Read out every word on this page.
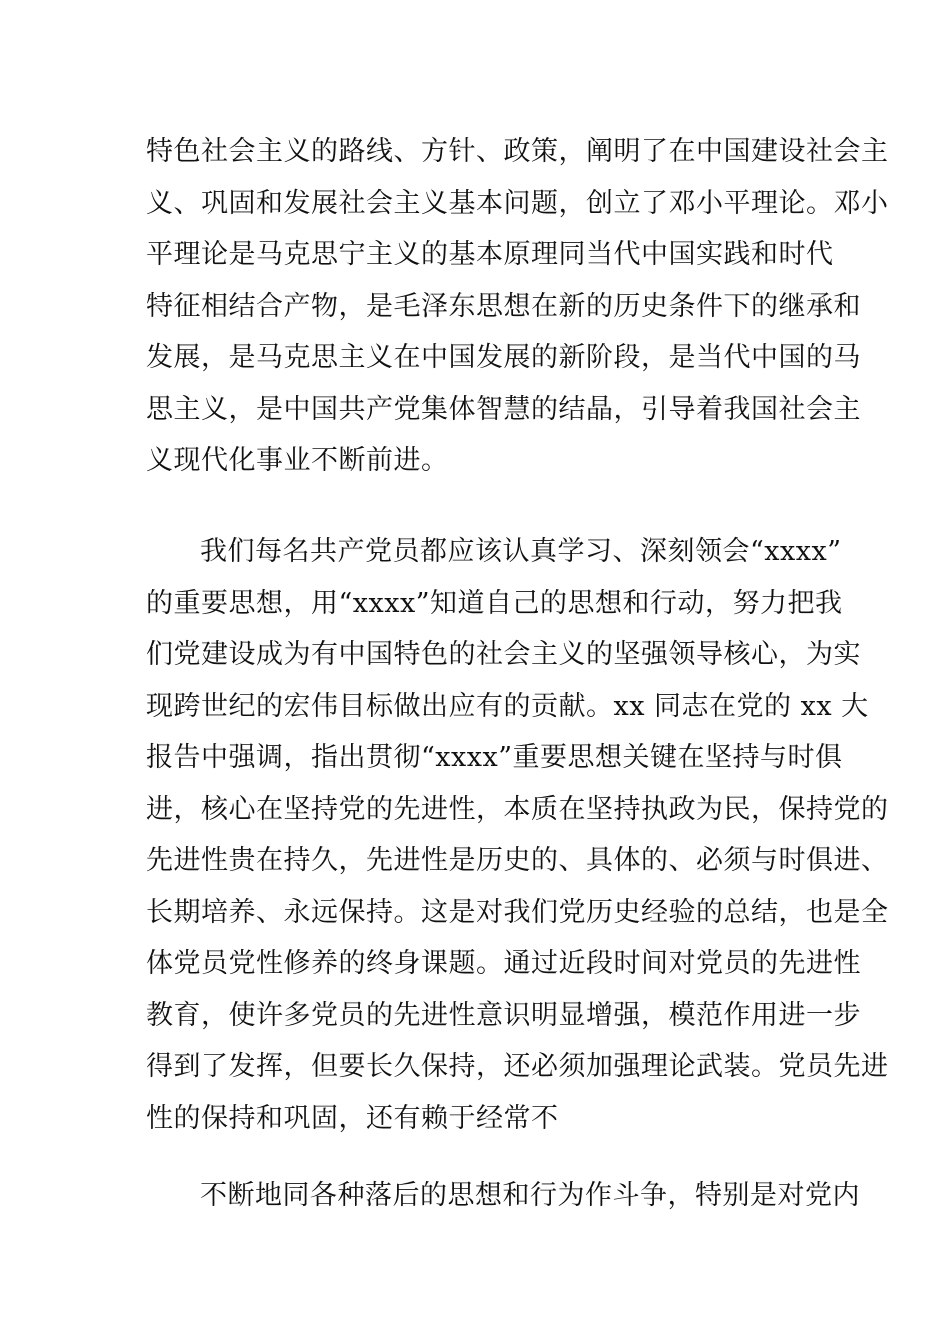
特色社会主义的路线、方针、政策，阐明了在中国建设社会主
义、巩固和发展社会主义基本问题，创立了邓小平理论。邓小
平理论是马克思宁主义的基本原理同当代中国实践和时代
特征相结合产物，是毛泽东思想在新的历史条件下的继承和
发展，是马克思主义在中国发展的新阶段，是当代中国的马
思主义，是中国共产党集体智慧的结晶，引导着我国社会主
义现代化事业不断前进。

我们每名共产党员都应该认真学习、深刻领会“xxxx”
的重要思想，用“xxxx”知道自己的思想和行动，努力把我
们党建设成为有中国特色的社会主义的坚强领导核心，为实
现跨世纪的宏伟目标做出应有的贡献。xx 同志在党的 xx 大
报告中强调，指出贯彻“xxxx”重要思想关键在坚持与时俱
进，核心在坚持党的先进性，本质在坚持执政为民，保持党的
先进性贵在持久，先进性是历史的、具体的、必须与时俱进、
长期培养、永远保持。这是对我们党历史经验的总结，也是全
体党员党性修养的终身课题。通过近段时间对党员的先进性
教育，使许多党员的先进性意识明显增强，模范作用进一步
得到了发挥，但要长久保持，还必须加强理论武装。党员先进
性的保持和巩固，还有赖于经常不

不断地同各种落后的思想和行为作斗争，特别是对党内
